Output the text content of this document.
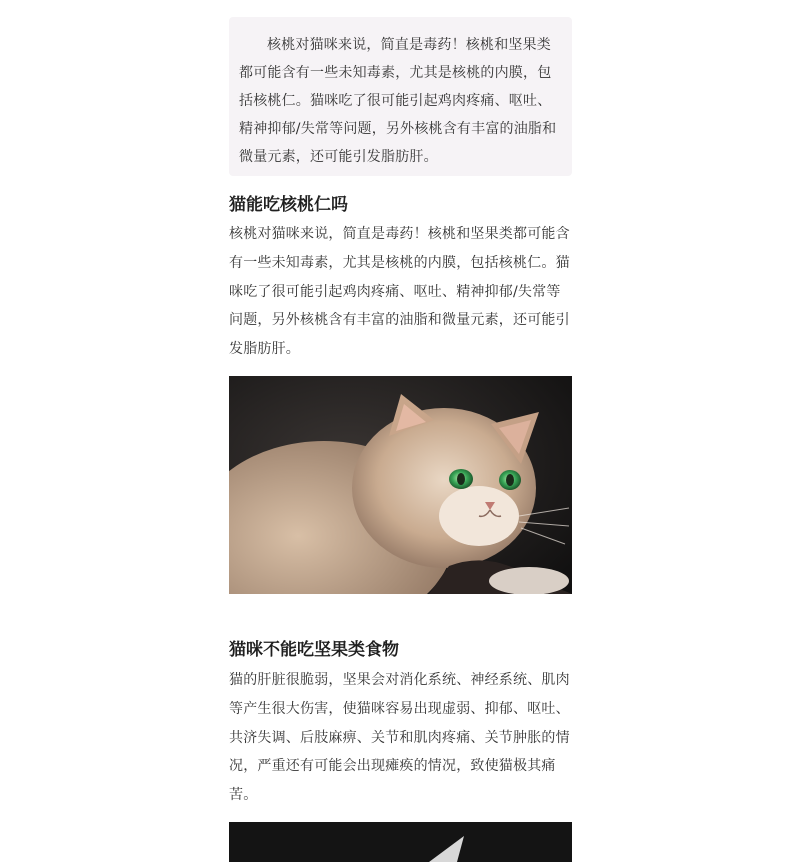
核桃对猫咪来说，简直是毒药！核桃和坚果类都可能含有一些未知毒素，尤其是核桃的内膜，包括核桃仁。猫咪吃了很可能引起鸡肉疼痛、呕吐、精神抑郁/失常等问题，另外核桃含有丰富的油脂和微量元素，还可能引发脂肪肝。
猫能吃核桃仁吗

核桃对猫咪来说，简直是毒药！核桃和坚果类都可能含有一些未知毒素，尤其是核桃的内膜，包括核桃仁。猫咪吃了很可能引起鸡肉疼痛、呕吐、精神抑郁/失常等问题，另外核桃含有丰富的油脂和微量元素，还可能引发脂肪肝。

猫咪不能吃坚果类食物

猫的肝脏很脆弱，坚果会对消化系统、神经系统、肌肉等产生很大伤害，使猫咪容易出现虚弱、抑郁、呕吐、共济失调、后肢麻痹、关节和肌肉疼痛、关节肿胀的情况，严重还有可能会出现瘫痪的情况，致使猫极其痛苦。
